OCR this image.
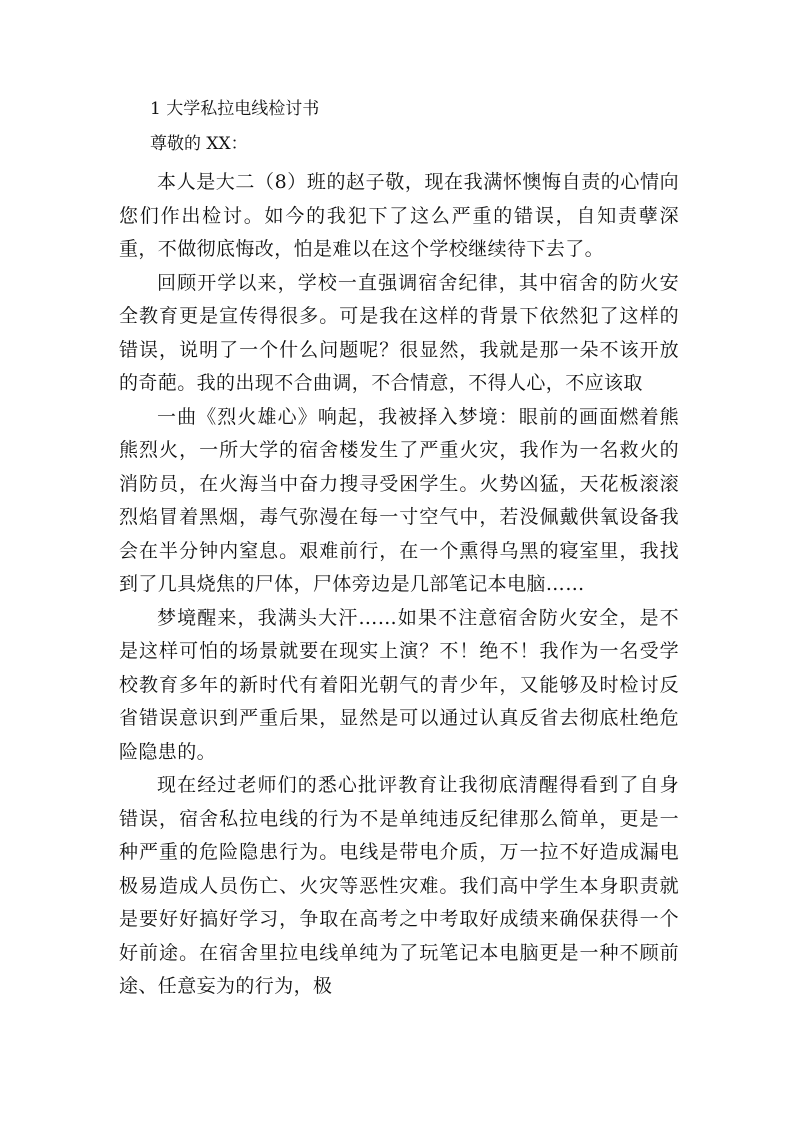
1 大学私拉电线检讨书
尊敬的 XX：

本人是大二（8）班的赵子敬，现在我满怀懊悔自责的心情向您们作出检讨。如今的我犯下了这么严重的错误，自知责孽深重，不做彻底悔改，怕是难以在这个学校继续待下去了。

回顾开学以来，学校一直强调宿舍纪律，其中宿舍的防火安全教育更是宣传得很多。可是我在这样的背景下依然犯了这样的错误，说明了一个什么问题呢？很显然，我就是那一朵不该开放的奇葩。我的出现不合曲调，不合情意，不得人心，不应该取

一曲《烈火雄心》响起，我被择入梦境：眼前的画面燃着熊熊烈火，一所大学的宿舍楼发生了严重火灾，我作为一名救火的消防员，在火海当中奋力搜寻受困学生。火势凶猛，天花板滚滚烈焰冒着黑烟，毒气弥漫在每一寸空气中，若没佩戴供氧设备我会在半分钟内窒息。艰难前行，在一个熏得乌黑的寝室里，我找到了几具烧焦的尸体，尸体旁边是几部笔记本电脑……

梦境醒来，我满头大汗……如果不注意宿舍防火安全，是不是这样可怕的场景就要在现实上演？不！绝不！我作为一名受学校教育多年的新时代有着阳光朝气的青少年，又能够及时检讨反省错误意识到严重后果，显然是可以通过认真反省去彻底杜绝危险隐患的。

现在经过老师们的悉心批评教育让我彻底清醒得看到了自身错误，宿舍私拉电线的行为不是单纯违反纪律那么简单，更是一种严重的危险隐患行为。电线是带电介质，万一拉不好造成漏电极易造成人员伤亡、火灾等恶性灾难。我们高中学生本身职责就是要好好搞好学习，争取在高考之中考取好成绩来确保获得一个好前途。在宿舍里拉电线单纯为了玩笔记本电脑更是一种不顾前途、任意妄为的行为，极
